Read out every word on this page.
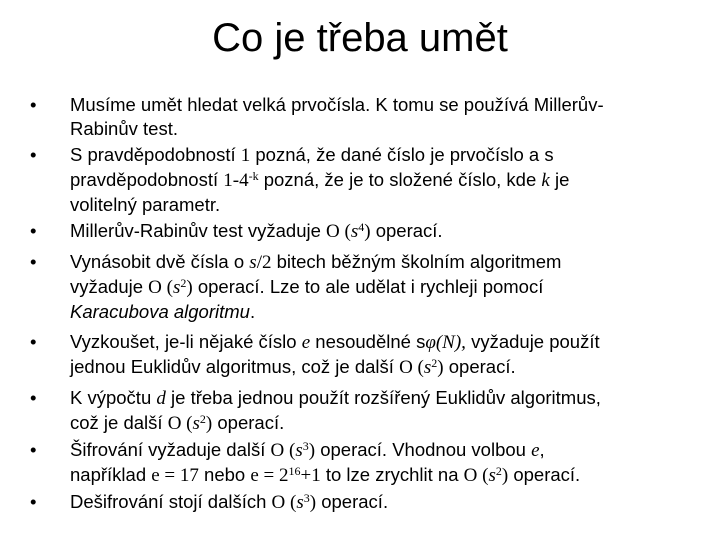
Co je třeba umět
•	Musíme umět hledat velká prvočísla. K tomu se používá Millerův-
Rabinův test.
•	S pravděpodobností 1 pozná, že dané číslo je prvočíslo a s
pravděpodobností $1-4^{-k}$ pozná, že je to složené číslo, kde k je
volitelný parametr.
•	Millerův-Rabinův test vyžaduje O $(s^4)$ operací.
•	Vynásobit dvě čísla o s/2 bitech běžným školním algoritmem
vyžaduje O $(s^2)$ operací. Lze to ale udělat i rychleji pomocí
Karacubova algoritmu.
•	Vyzkoušet, je-li nějaké číslo e nesoudělné sφ(N), vyžaduje použít
jednou Euklidův algoritmus, což je další O $(s^2)$ operací.
•	K výpočtu d je třeba jednou použít rozšířený Euklidův algoritmus,
což je další O $(s^2)$ operací.
•	Šifrování vyžaduje další O $(s^3)$ operací. Vhodnou volbou e,
například e = 17 nebo $e = 2^{16}+1$ to lze zrychlit na O $(s^2)$ operací.
•	Dešifrování stojí dalších O $(s^3)$ operací.
